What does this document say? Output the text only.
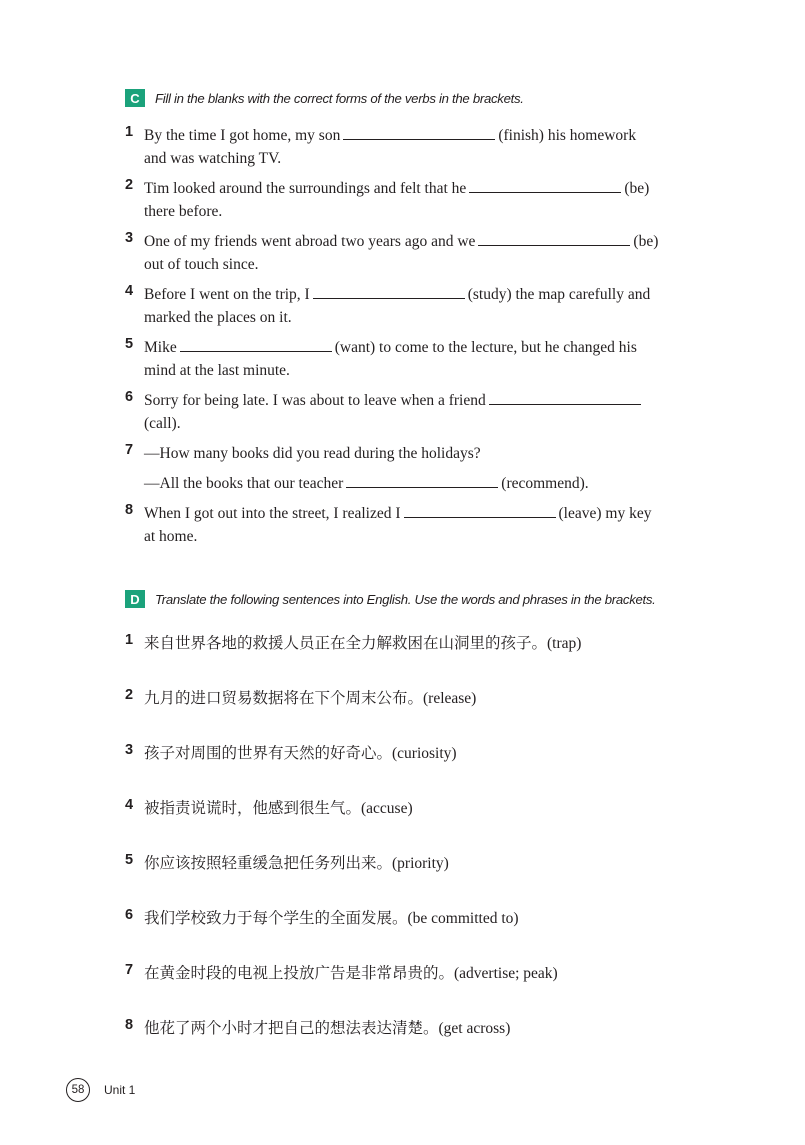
C	Fill in the blanks with the correct forms of the verbs in the brackets.
1 By the time I got home, my son	(finish) his homework
and was watching TV.
2 Tim looked around the surroundings and felt that he	(be)
there before.
3 One of my friends went abroad two years ago and we	(be)
out of touch since.
4 Before I went on the trip, I	(study) the map carefully and
marked the places on it.
5 Mike	(want) to come to the lecture, but he changed his
mind at the last minute.
6 Sorry for being late. I was about to leave when a friend
(call).
7 —How many books did you read during the holidays?
—All the books that our teacher	(recommend).
8 When I got out into the street, I realized I	(leave) my key
at home.
D	Translate the following sentences into English. Use the words and phrases in the brackets.
1 来自世界各地的救援人员正在全力解救困在山洞里的孩子。(trap)
2 九月的进口贸易数据将在下个周末公布。(release)
3 孩子对周围的世界有天然的好奇心。(curiosity)
4 被指责说谎时，他感到很生气。(accuse)
5 你应该按照轻重缓急把任务列出来。(priority)
6 我们学校致力于每个学生的全面发展。(be committed to)
7 在黄金时段的电视上投放广告是非常昂贵的。(advertise; peak)
8 他花了两个小时才把自己的想法表达清楚。(get across)
58	Unit 1
